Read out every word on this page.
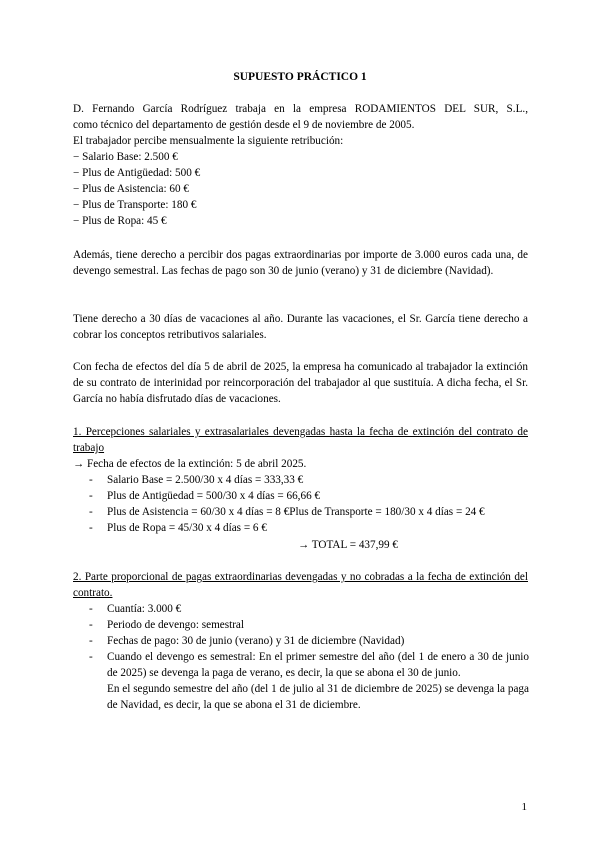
SUPUESTO PRÁCTICO 1

D. Fernando García Rodríguez trabaja en la empresa RODAMIENTOS DEL SUR, S.L.,

como técnico del departamento de gestión desde el 9 de noviembre de 2005.

El trabajador percibe mensualmente la siguiente retribución:

− Salario Base: 2.500 €
− Plus de Antigüedad: 500 €
− Plus de Asistencia: 60 €
− Plus de Transporte: 180 €
− Plus de Ropa: 45 €
Además, tiene derecho a percibir dos pagas extraordinarias por importe de 3.000 euros cada una, de devengo semestral. Las fechas de pago son 30 de junio (verano) y 31 de diciembre (Navidad).
Tiene derecho a 30 días de vacaciones al año. Durante las vacaciones, el Sr. García tiene derecho a cobrar los conceptos retributivos salariales.
Con fecha de efectos del día 5 de abril de 2025, la empresa ha comunicado al trabajador la extinción de su contrato de interinidad por reincorporación del trabajador al que sustituía. A dicha fecha, el Sr. García no había disfrutado días de vacaciones.

1. Percepciones salariales y extrasalariales devengadas hasta la fecha de extinción del contrato de trabajo

→ Fecha de efectos de la extinción: 5 de abril 2025.

- Salario Base = 2.500/30 x 4 días = 333,33 €
- Plus de Antigüedad = 500/30 x 4 días = 66,66 €
- Plus de Asistencia = 60/30 x 4 días = 8 €Plus de Transporte = 180/30 x 4 días = 24 €
- Plus de Ropa = 45/30 x 4 días = 6 €
→ TOTAL = 437,99 €

2. Parte proporcional de pagas extraordinarias devengadas y no cobradas a la fecha de extinción del contrato.

- Cuantía: 3.000 €
- Periodo de devengo: semestral
- Fechas de pago: 30 de junio (verano) y 31 de diciembre (Navidad)
- Cuando el devengo es semestral: En el primer semestre del año (del 1 de enero a 30 de junio de 2025) se devenga la paga de verano, es decir, la que se abona el 30 de junio.
En el segundo semestre del año (del 1 de julio al 31 de diciembre de 2025) se devenga la paga de Navidad, es decir, la que se abona el 31 de diciembre.
1
